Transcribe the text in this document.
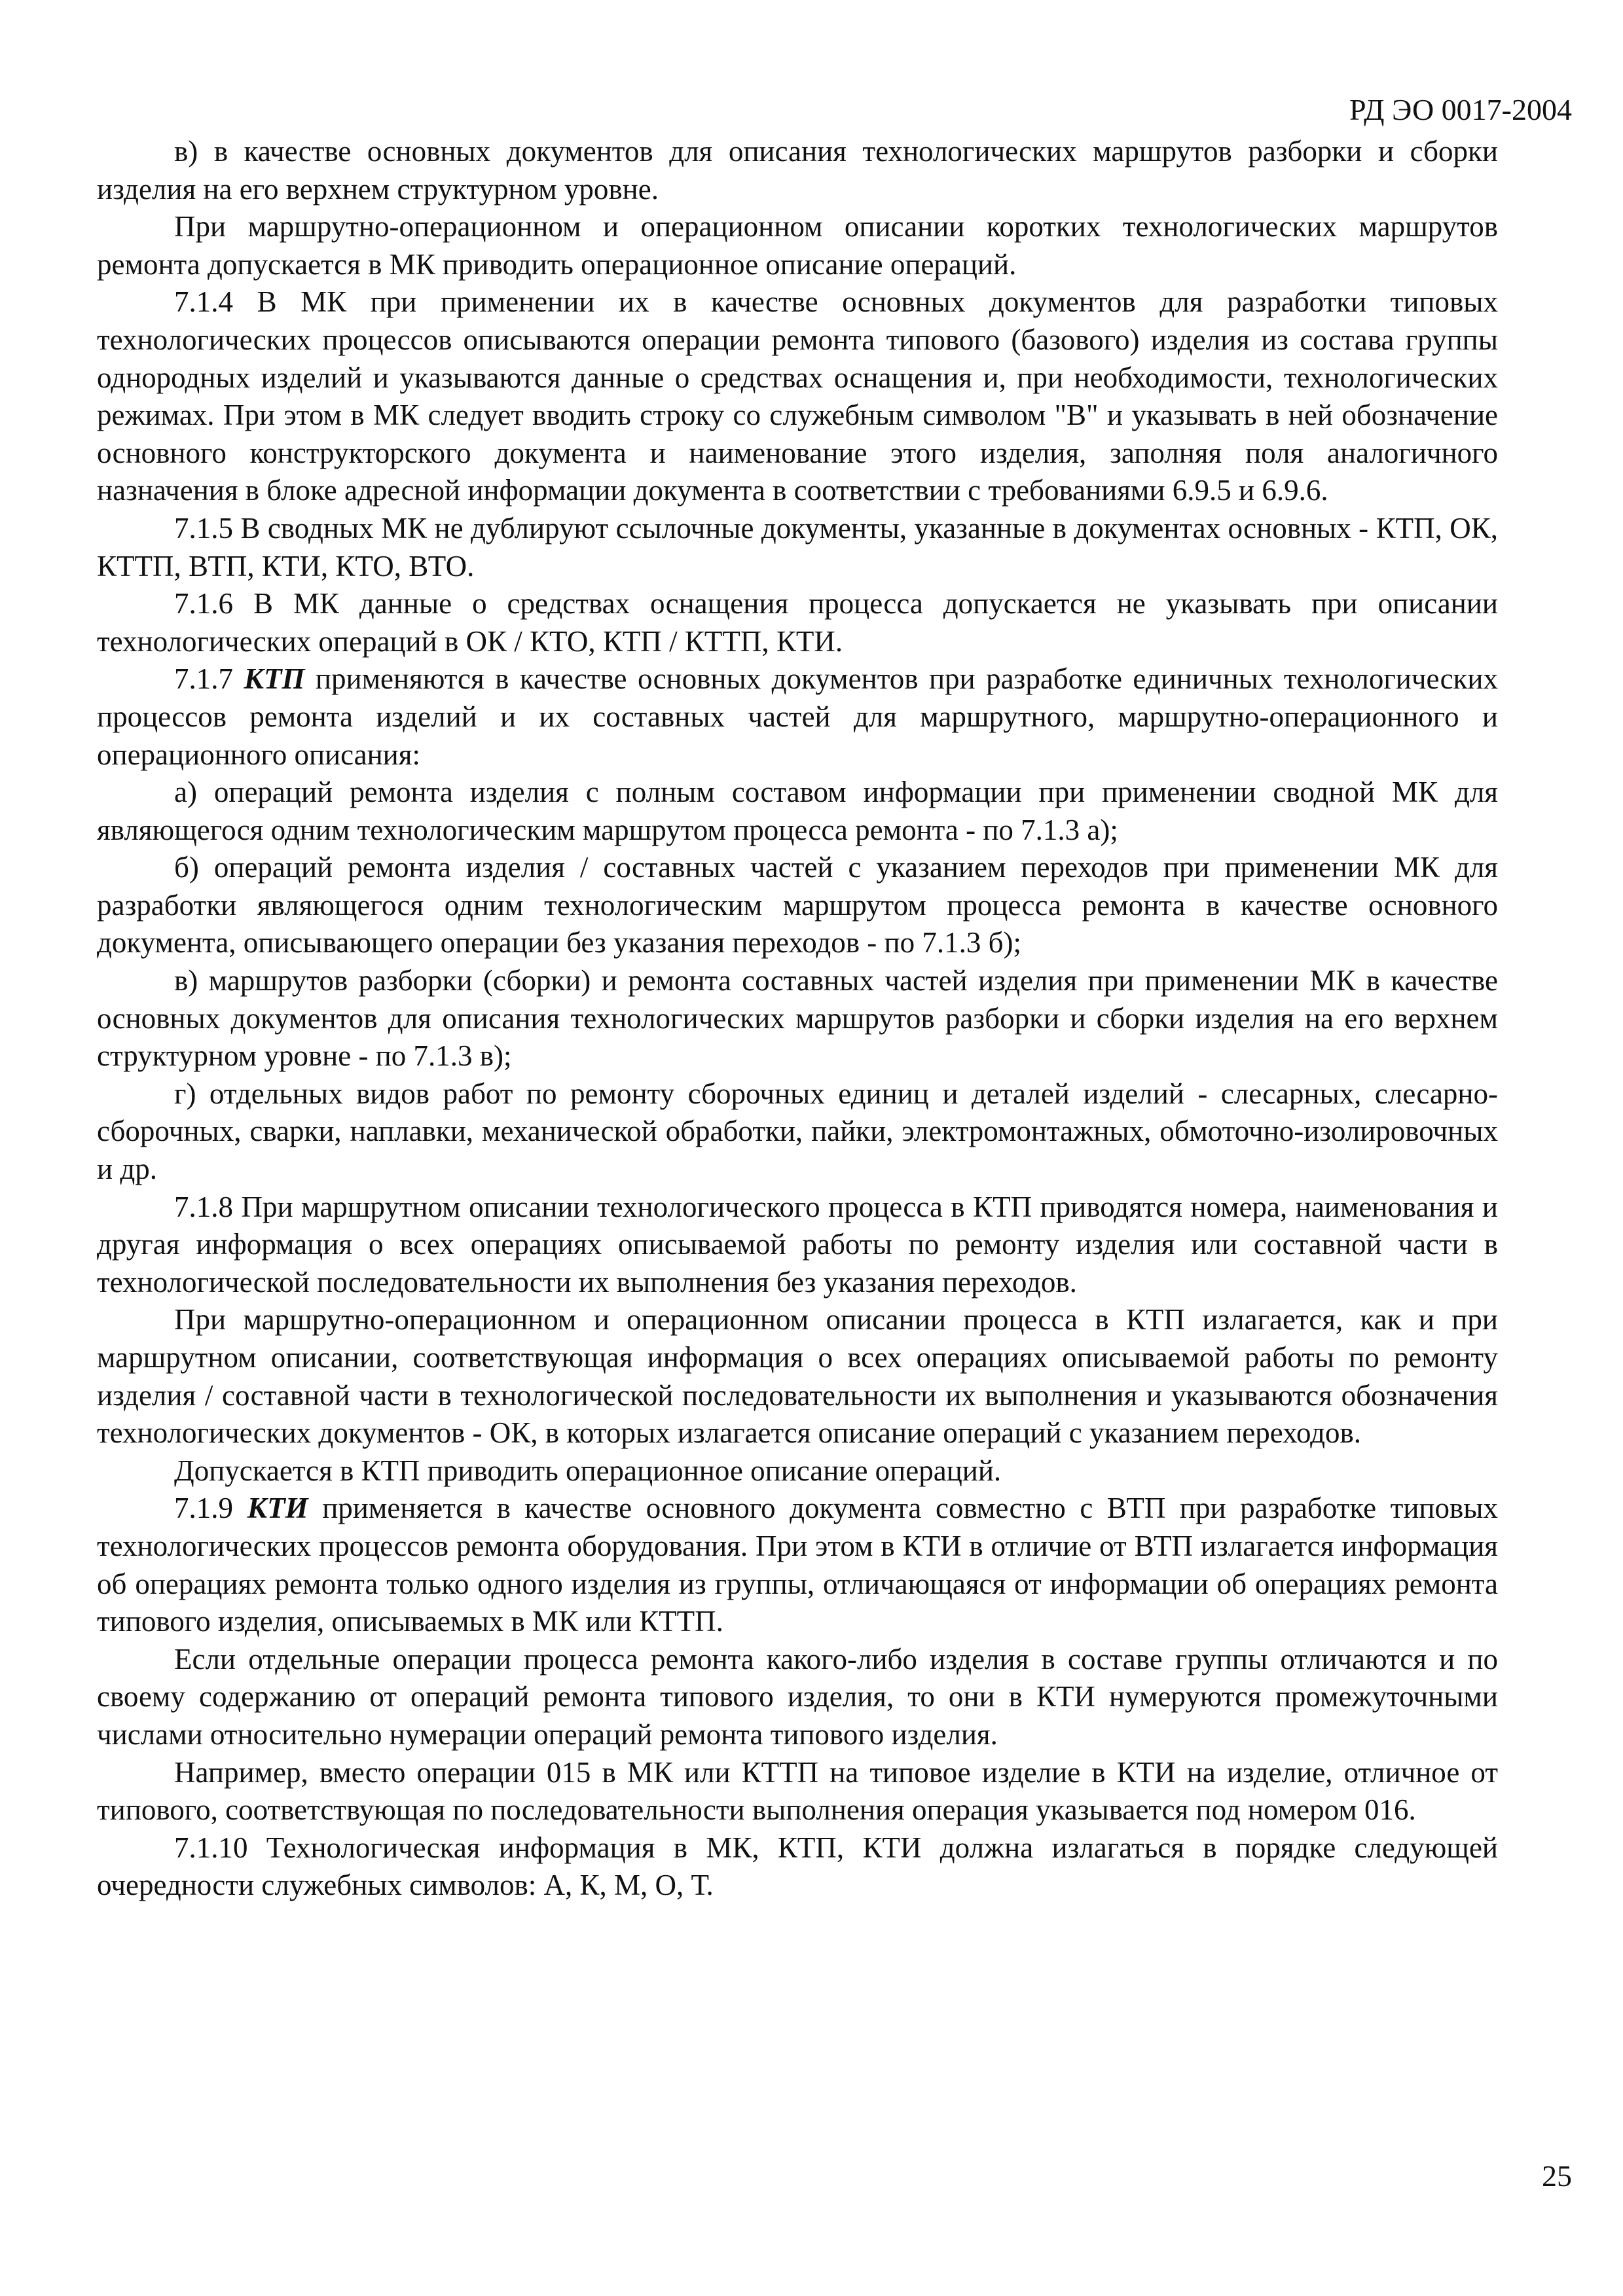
РД ЭО 0017-2004

в) в качестве основных документов для описания технологических маршрутов разборки и сборки изделия на его верхнем структурном уровне.

При маршрутно-операционном и операционном описании коротких технологических маршрутов ремонта допускается в МК приводить операционное описание операций.

7.1.4 В МК при применении их в качестве основных документов для разработки типовых технологических процессов описываются операции ремонта типового (базового) изделия из состава группы однородных изделий и указываются данные о средствах оснащения и, при необходимости, технологических режимах. При этом в МК следует вводить строку со служебным символом "В" и указывать в ней обозначение основного конструкторского документа и наименование этого изделия, заполняя поля аналогичного назначения в блоке адресной информации документа в соответствии с требованиями 6.9.5 и 6.9.6.

7.1.5 В сводных МК не дублируют ссылочные документы, указанные в документах основных - КТП, ОК, КТТП, ВТП, КТИ, КТО, ВТО.

7.1.6 В МК данные о средствах оснащения процесса допускается не указывать при описании технологических операций в ОК / КТО, КТП / КТТП, КТИ.

7.1.7 КТП применяются в качестве основных документов при разработке единичных технологических процессов ремонта изделий и их составных частей для маршрутного, маршрутно-операционного и операционного описания:

а) операций ремонта изделия с полным составом информации при применении сводной МК для являющегося одним технологическим маршрутом процесса ремонта - по 7.1.3 а);

б) операций ремонта изделия / составных частей с указанием переходов при применении МК для разработки являющегося одним технологическим маршрутом процесса ремонта в качестве основного документа, описывающего операции без указания переходов - по 7.1.3 б);

в) маршрутов разборки (сборки) и ремонта составных частей изделия при применении МК в качестве основных документов для описания технологических маршрутов разборки и сборки изделия на его верхнем структурном уровне - по 7.1.3 в);

г) отдельных видов работ по ремонту сборочных единиц и деталей изделий - слесарных, слесарно-сборочных, сварки, наплавки, механической обработки, пайки, электромонтажных, обмоточно-изолировочных и др.

7.1.8 При маршрутном описании технологического процесса в КТП приводятся номера, наименования и другая информация о всех операциях описываемой работы по ремонту изделия или составной части в технологической последовательности их выполнения без указания переходов.

При маршрутно-операционном и операционном описании процесса в КТП излагается, как и при маршрутном описании, соответствующая информация о всех операциях описываемой работы по ремонту изделия / составной части в технологической последовательности их выполнения и указываются обозначения технологических документов - ОК, в которых излагается описание операций с указанием переходов.

Допускается в КТП приводить операционное описание операций.

7.1.9 КТИ применяется в качестве основного документа совместно с ВТП при разработке типовых технологических процессов ремонта оборудования. При этом в КТИ в отличие от ВТП излагается информация об операциях ремонта только одного изделия из группы, отличающаяся от информации об операциях ремонта типового изделия, описываемых в МК или КТТП.

Если отдельные операции процесса ремонта какого-либо изделия в составе группы отличаются и по своему содержанию от операций ремонта типового изделия, то они в КТИ нумеруются промежуточными числами относительно нумерации операций ремонта типового изделия.

Например, вместо операции 015 в МК или КТТП на типовое изделие в КТИ на изделие, отличное от типового, соответствующая по последовательности выполнения операция указывается под номером 016.

7.1.10 Технологическая информация в МК, КТП, КТИ должна излагаться в порядке следующей очередности служебных символов: А, К, М, О, Т.

25
